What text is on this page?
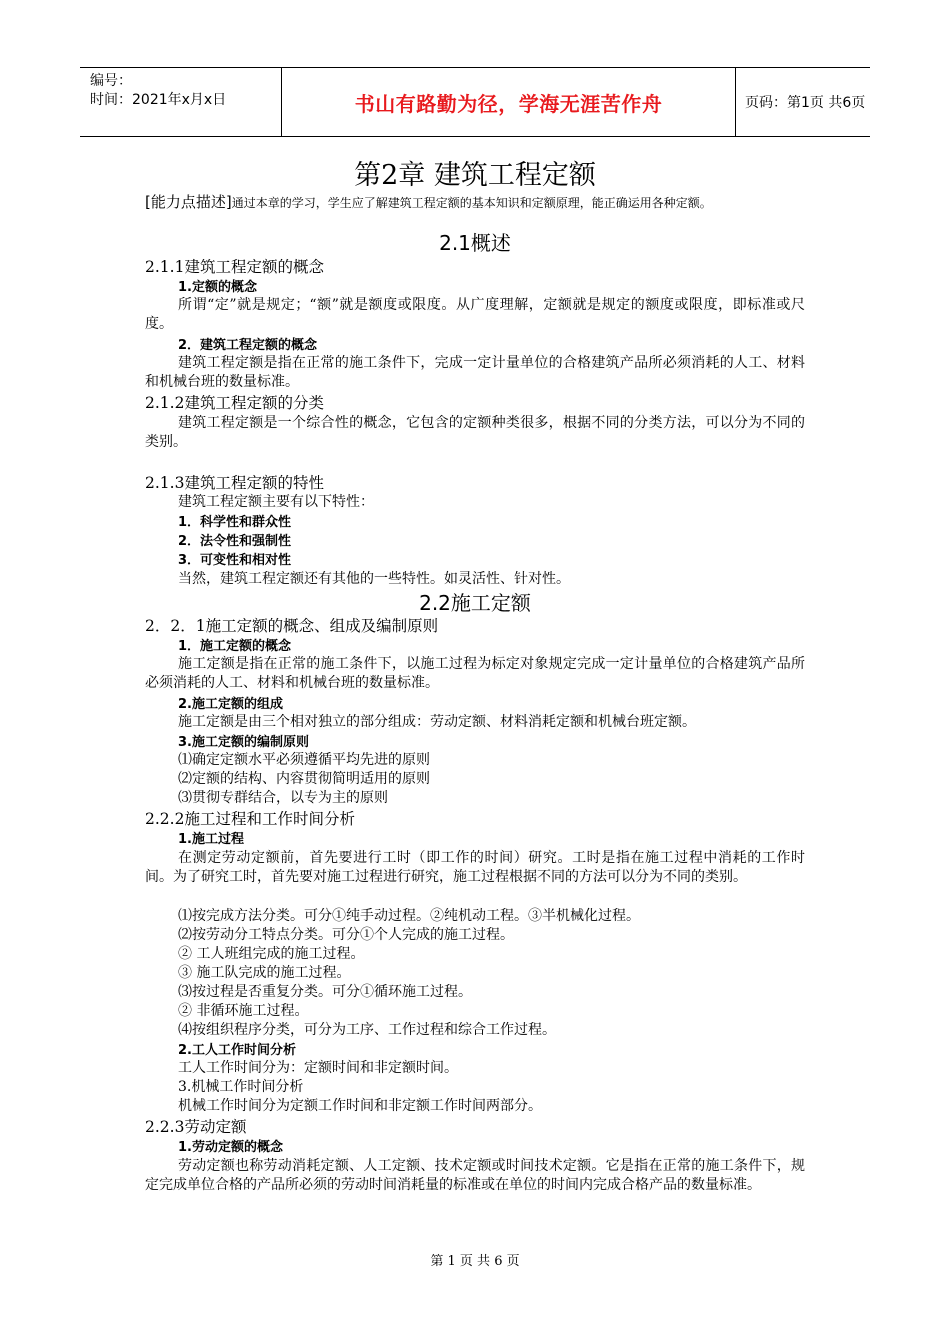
编号：
时间：2021年x月x日	书山有路勤为径，学海无涯苦作舟	页码：第1页 共6页
第2章 建筑工程定额
[能力点描述]通过本章的学习，学生应了解建筑工程定额的基本知识和定额原理，能正确运用各种定额。
2.1概述
2.1.1建筑工程定额的概念
1.定额的概念
所谓“定”就是规定；“额”就是额度或限度。从广度理解，定额就是规定的额度或限度，即标准或尺度。
2．建筑工程定额的概念
建筑工程定额是指在正常的施工条件下，完成一定计量单位的合格建筑产品所必须消耗的人工、材料和机械台班的数量标准。
2.1.2建筑工程定额的分类
建筑工程定额是一个综合性的概念，它包含的定额种类很多，根据不同的分类方法，可以分为不同的类别。
2.1.3建筑工程定额的特性
建筑工程定额主要有以下特性：
1．科学性和群众性
2．法令性和强制性
3．可变性和相对性
当然，建筑工程定额还有其他的一些特性。如灵活性、针对性。
2.2施工定额
2．2．1施工定额的概念、组成及编制原则
1．施工定额的概念
施工定额是指在正常的施工条件下，以施工过程为标定对象规定完成一定计量单位的合格建筑产品所必须消耗的人工、材料和机械台班的数量标准。
2.施工定额的组成
施工定额是由三个相对独立的部分组成：劳动定额、材料消耗定额和机械台班定额。
3.施工定额的编制原则
⑴确定定额水平必须遵循平均先进的原则
⑵定额的结构、内容贯彻简明适用的原则
⑶贯彻专群结合，以专为主的原则
2.2.2施工过程和工作时间分析
1.施工过程
在测定劳动定额前，首先要进行工时（即工作的时间）研究。工时是指在施工过程中消耗的工作时间。为了研究工时，首先要对施工过程进行研究，施工过程根据不同的方法可以分为不同的类别。
⑴按完成方法分类。可分①纯手动过程。②纯机动工程。③半机械化过程。
⑵按劳动分工特点分类。可分①个人完成的施工过程。
② 工人班组完成的施工过程。
③ 施工队完成的施工过程。
⑶按过程是否重复分类。可分①循环施工过程。
② 非循环施工过程。
⑷按组织程序分类，可分为工序、工作过程和综合工作过程。
2.工人工作时间分析
工人工作时间分为：定额时间和非定额时间。
3.机械工作时间分析
机械工作时间分为定额工作时间和非定额工作时间两部分。
2.2.3劳动定额
1.劳动定额的概念
劳动定额也称劳动消耗定额、人工定额、技术定额或时间技术定额。它是指在正常的施工条件下，规定完成单位合格的产品所必须的劳动时间消耗量的标准或在单位的时间内完成合格产品的数量标准。
第 1 页 共 6 页
